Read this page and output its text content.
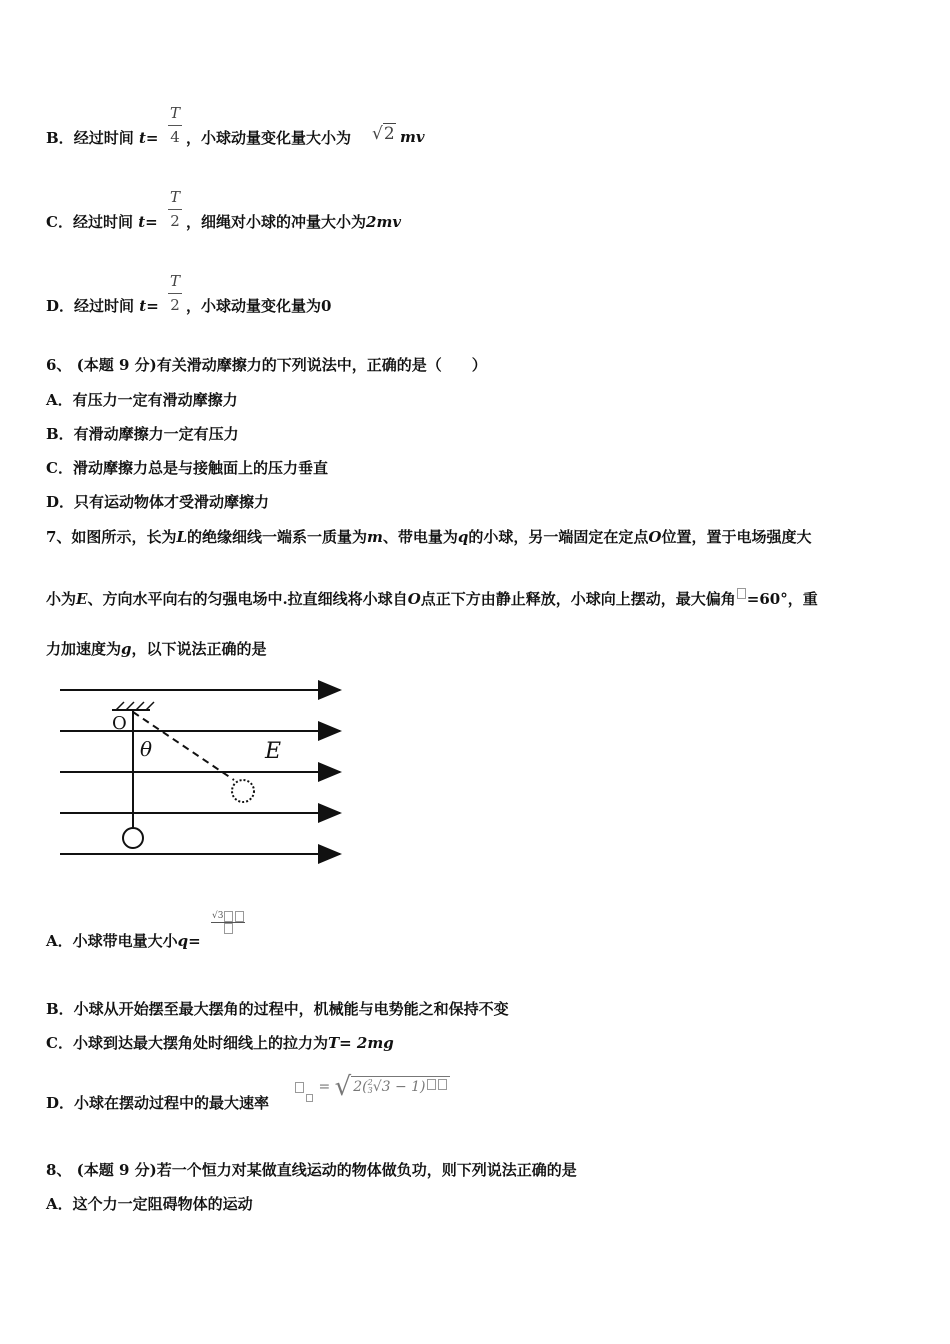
B．经过时间 t=
T
4 ，小球动量变化量大小为 √2 mv
C．经过时间 t=
T
2 ，细绳对小球的冲量大小为2mv
D．经过时间 t=
T
2 ，小球动量变化量为0
6、 (本题 9 分)有关滑动摩擦力的下列说法中，正确的是（　　）
A．有压力一定有滑动摩擦力
B．有滑动摩擦力一定有压力
C．滑动摩擦力总是与接触面上的压力垂直
D．只有运动物体才受滑动摩擦力
7、如图所示，长为L的绝缘细线一端系一质量为m、带电量为q的小球，另一端固定在定点O位置，置于电场强度大
小为E、方向水平向右的匀强电场中.拉直细线将小球自O点正下方由静止释放，小球向上摆动，最大偏角 =60°，重
力加速度为g，以下说法正确的是
O
θ	E
A．小球带电量大小q=
√3
B．小球从开始摆至最大摆角的过程中，机械能与电势能之和保持不变
C．小球到达最大摆角处时细线上的拉力为T= 2mg
D．小球在摆动过程中的最大速率
= √ 2(2
3√3 − 1)
8、 (本题 9 分)若一个恒力对某做直线运动的物体做负功，则下列说法正确的是
A．这个力一定阻碍物体的运动
